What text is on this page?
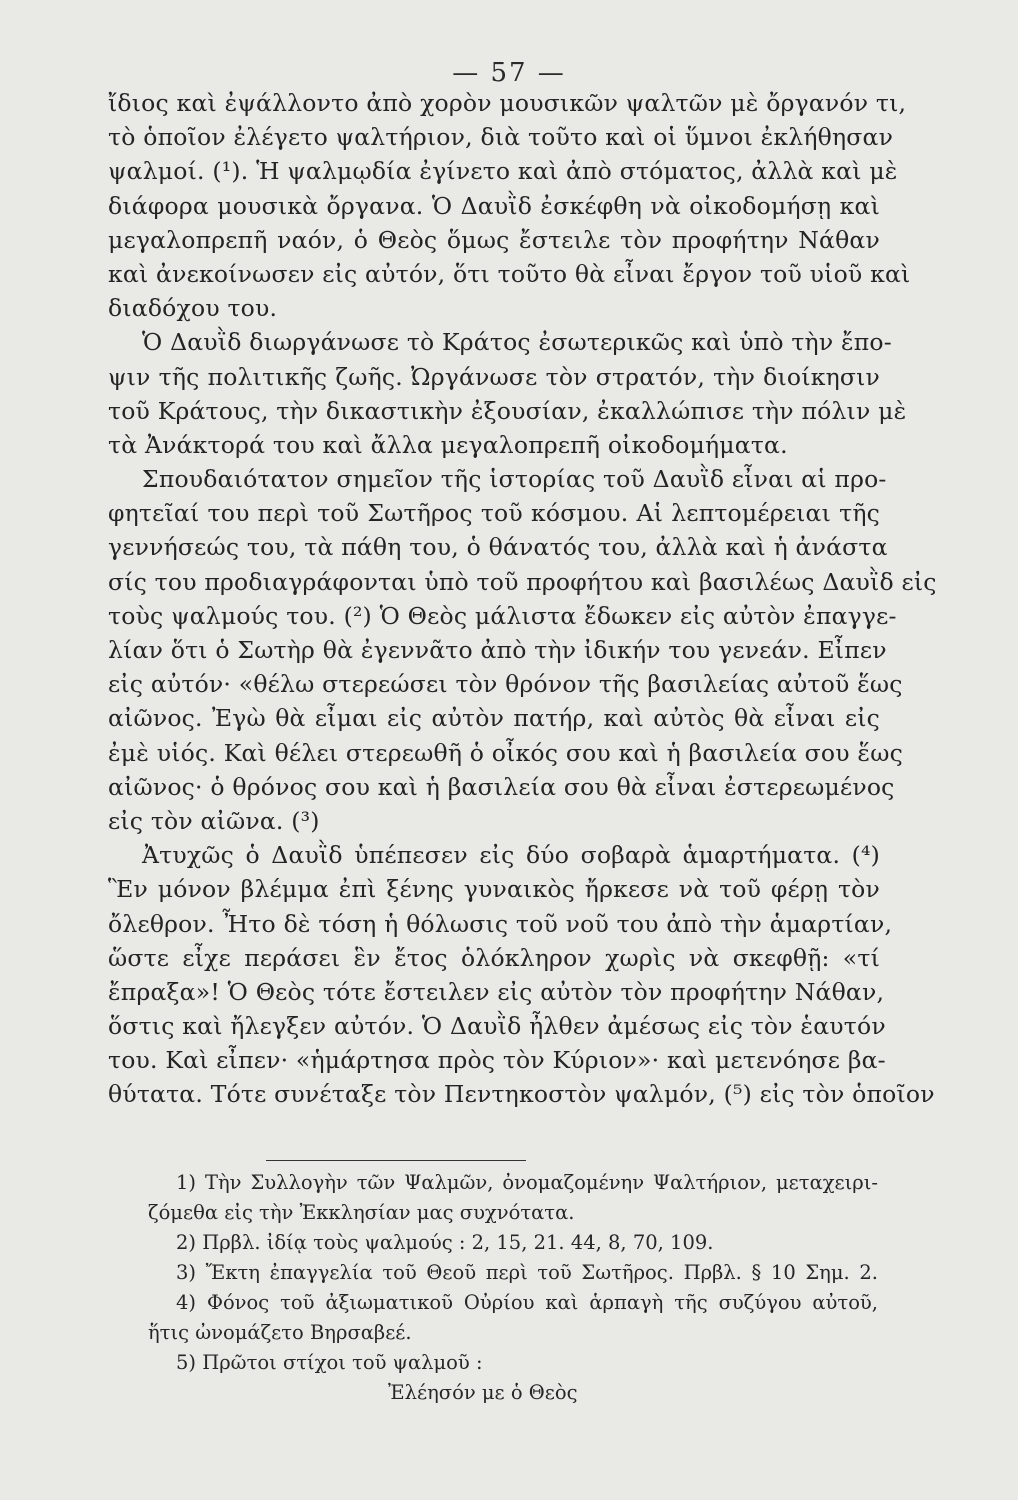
— 57 —
ἴδιος καὶ ἐψάλλοντο ἀπὸ χορὸν μουσικῶν ψαλτῶν μὲ ὄργανόν τι,
τὸ ὁποῖον ἐλέγετο ψαλτήριον, διὰ τοῦτο καὶ οἱ ὕμνοι ἐκλήθησαν
ψαλμοί. (¹). Ἡ ψαλμῳδία ἐγίνετο καὶ ἀπὸ στόματος, ἀλλὰ καὶ μὲ
διάφορα μουσικὰ ὄργανα. Ὁ Δαυῒδ ἐσκέφθη νὰ οἰκοδομήσῃ καὶ
μεγαλοπρεπῆ ναόν, ὁ Θεὸς ὅμως ἔστειλε τὸν προφήτην Νάθαν
καὶ ἀνεκοίνωσεν εἰς αὐτόν, ὅτι τοῦτο θὰ εἶναι ἔργον τοῦ υἱοῦ καὶ
διαδόχου του.
Ὁ Δαυῒδ διωργάνωσε τὸ Κράτος ἐσωτερικῶς καὶ ὑπὸ τὴν ἔπο-
ψιν τῆς πολιτικῆς ζωῆς. Ὠργάνωσε τὸν στρατόν, τὴν διοίκησιν
τοῦ Κράτους, τὴν δικαστικὴν ἐξουσίαν, ἐκαλλώπισε τὴν πόλιν μὲ
τὰ Ἀνάκτορά του καὶ ἄλλα μεγαλοπρεπῆ οἰκοδομήματα.
Σπουδαιότατον σημεῖον τῆς ἱστορίας τοῦ Δαυῒδ εἶναι αἱ προ-
φητεῖαί του περὶ τοῦ Σωτῆρος τοῦ κόσμου. Αἱ λεπτομέρειαι τῆς
γεννήσεώς του, τὰ πάθη του, ὁ θάνατός του, ἀλλὰ καὶ ἡ ἀνάστα
σίς του προδιαγράφονται ὑπὸ τοῦ προφήτου καὶ βασιλέως Δαυῒδ εἰς
τοὺς ψαλμούς του. (²) Ὁ Θεὸς μάλιστα ἔδωκεν εἰς αὐτὸν ἐπαγγε-
λίαν ὅτι ὁ Σωτὴρ θὰ ἐγεννᾶτο ἀπὸ τὴν ἰδικήν του γενεάν. Εἶπεν
εἰς αὐτόν· «θέλω στερεώσει τὸν θρόνον τῆς βασιλείας αὐτοῦ ἕως
αἰῶνος. Ἐγὼ θὰ εἶμαι εἰς αὐτὸν πατήρ, καὶ αὐτὸς θὰ εἶναι εἰς
ἐμὲ υἱός. Καὶ θέλει στερεωθῆ ὁ οἶκός σου καὶ ἡ βασιλεία σου ἕως
αἰῶνος· ὁ θρόνος σου καὶ ἡ βασιλεία σου θὰ εἶναι ἐστερεωμένος
εἰς τὸν αἰῶνα. (³)
Ἀτυχῶς ὁ Δαυῒδ ὑπέπεσεν εἰς δύο σοβαρὰ ἁμαρτήματα. (⁴)
Ἓν μόνον βλέμμα ἐπὶ ξένης γυναικὸς ἤρκεσε νὰ τοῦ φέρῃ τὸν
ὄλεθρον. Ἦτο δὲ τόση ἡ θόλωσις τοῦ νοῦ του ἀπὸ τὴν ἁμαρτίαν,
ὥστε εἶχε περάσει ἓν ἔτος ὁλόκληρον χωρὶς νὰ σκεφθῇ: «τί
ἔπραξα»! Ὁ Θεὸς τότε ἔστειλεν εἰς αὐτὸν τὸν προφήτην Νάθαν,
ὅστις καὶ ἤλεγξεν αὐτόν. Ὁ Δαυῒδ ἦλθεν ἀμέσως εἰς τὸν ἑαυτόν
του. Καὶ εἶπεν· «ἡμάρτησα πρὸς τὸν Κύριον»· καὶ μετενόησε βα-
θύτατα. Τότε συνέταξε τὸν Πεντηκοστὸν ψαλμόν, (⁵) εἰς τὸν ὁποῖον
1) Τὴν Συλλογὴν τῶν Ψαλμῶν, ὀνομαζομένην Ψαλτήριον, μεταχειρι-
ζόμεθα εἰς τὴν Ἐκκλησίαν μας συχνότατα.
2) Πρβλ. ἰδίᾳ τοὺς ψαλμούς : 2, 15, 21. 44, 8, 70, 109.
3) Ἔκτη ἐπαγγελία τοῦ Θεοῦ περὶ τοῦ Σωτῆρος. Πρβλ. § 10 Σημ. 2.
4) Φόνος τοῦ ἀξιωματικοῦ Οὐρίου καὶ ἁρπαγὴ τῆς συζύγου αὐτοῦ,
ἥτις ὠνομάζετο Βηρσαβεέ.
5) Πρῶτοι στίχοι τοῦ ψαλμοῦ :
Ἐλέησόν με ὁ Θεὸς
